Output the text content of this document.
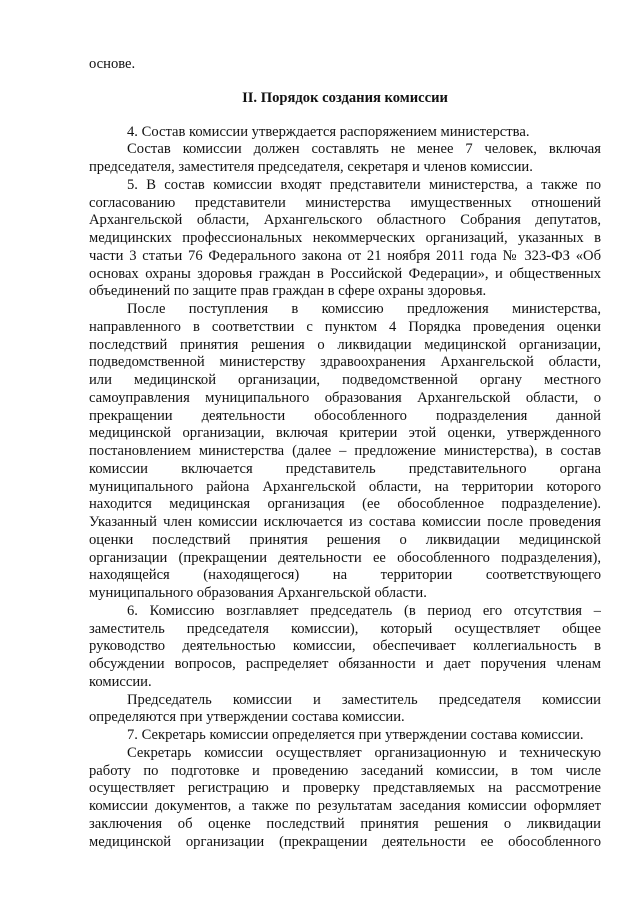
основе.
II. Порядок создания комиссии
4. Состав комиссии утверждается распоряжением министерства.
Состав комиссии должен составлять не менее 7 человек, включая
председателя, заместителя председателя, секретаря и членов комиссии.
5. В состав комиссии входят представители министерства, а также по
согласованию представители министерства имущественных отношений
Архангельской области, Архангельского областного Собрания депутатов,
медицинских профессиональных некоммерческих организаций, указанных в
части 3 статьи 76 Федерального закона от 21 ноября 2011 года № 323-ФЗ «Об
основах охраны здоровья граждан в Российской Федерации», и общественных
объединений по защите прав граждан в сфере охраны здоровья.
После поступления в комиссию предложения министерства,
направленного в соответствии с пунктом 4 Порядка проведения оценки
последствий принятия решения о ликвидации медицинской организации,
подведомственной министерству здравоохранения Архангельской области,
или медицинской организации, подведомственной органу местного
самоуправления муниципального образования Архангельской области, о
прекращении деятельности обособленного подразделения данной
медицинской организации, включая критерии этой оценки, утвержденного
постановлением министерства (далее – предложение министерства), в состав
комиссии включается представитель представительного органа
муниципального района Архангельской области, на территории которого
находится медицинская организация (ее обособленное подразделение).
Указанный член комиссии исключается из состава комиссии после проведения
оценки последствий принятия решения о ликвидации медицинской
организации (прекращении деятельности ее обособленного подразделения),
находящейся (находящегося) на территории соответствующего
муниципального образования Архангельской области.
6. Комиссию возглавляет председатель (в период его отсутствия –
заместитель председателя комиссии), который осуществляет общее
руководство деятельностью комиссии, обеспечивает коллегиальность в
обсуждении вопросов, распределяет обязанности и дает поручения членам
комиссии.
Председатель комиссии и заместитель председателя комиссии
определяются при утверждении состава комиссии.
7. Секретарь комиссии определяется при утверждении состава комиссии.
Секретарь комиссии осуществляет организационную и техническую
работу по подготовке и проведению заседаний комиссии, в том числе
осуществляет регистрацию и проверку представляемых на рассмотрение
комиссии документов, а также по результатам заседания комиссии оформляет
заключения об оценке последствий принятия решения о ликвидации
медицинской организации (прекращении деятельности ее обособленного
